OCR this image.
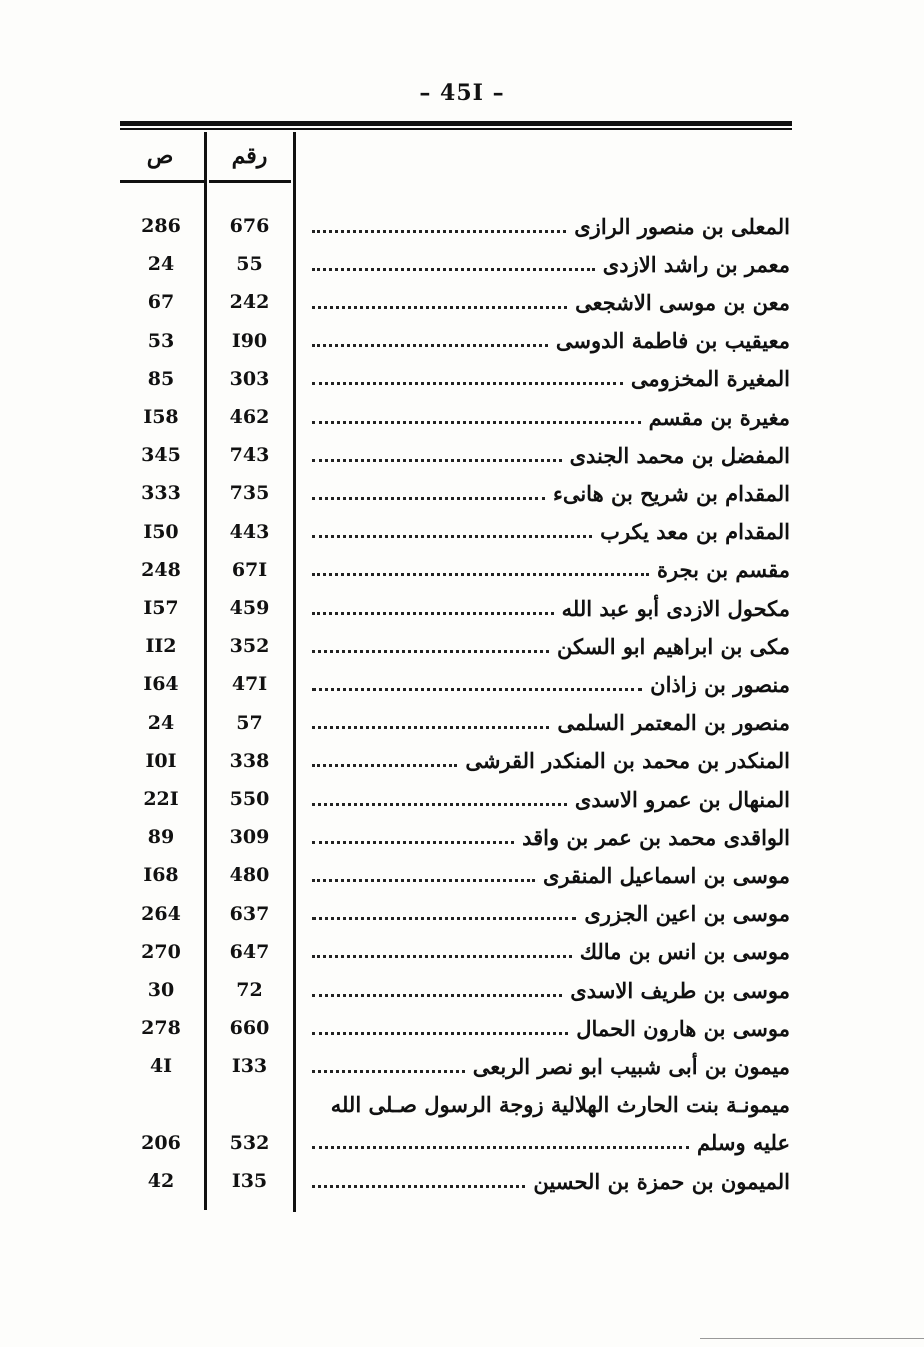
– 45I –
ص	رقم
286	676	المعلى بن منصور الرازى
24	55	معمر بن راشد الازدى
67	242	معن بن موسى الاشجعى
53	I90	معيقيب بن فاطمة الدوسى
85	303	المغيرة المخزومى
I58	462	مغيرة بن مقسم
345	743	المفضل بن محمد الجندى
333	735	المقدام بن شريح بن هانىء
I50	443	المقدام بن معد يكرب
248	67I	مقسم بن بجرة
I57	459	مكحول الازدى أبو عبد الله
II2	352	مكى بن ابراهيم ابو السكن
I64	47I	منصور بن زاذان
24	57	منصور بن المعتمر السلمى
I0I	338	المنكدر بن محمد بن المنكدر القرشى
22I	550	المنهال بن عمرو الاسدى
89	309	الواقدى محمد بن عمر بن واقد
I68	480	موسى بن اسماعيل المنقرى
264	637	موسى بن اعين الجزرى
270	647	موسى بن انس بن مالك
30	72	موسى بن طريف الاسدى
278	660	موسى بن هارون الحمال
4I	I33	ميمون بن أبى شبيب ابو نصر الربعى
ميمونـة بنت الحارث الهلالية زوجة الرسول صـلى الله
206	532	عليه وسلم
42	I35	الميمون بن حمزة بن الحسين
